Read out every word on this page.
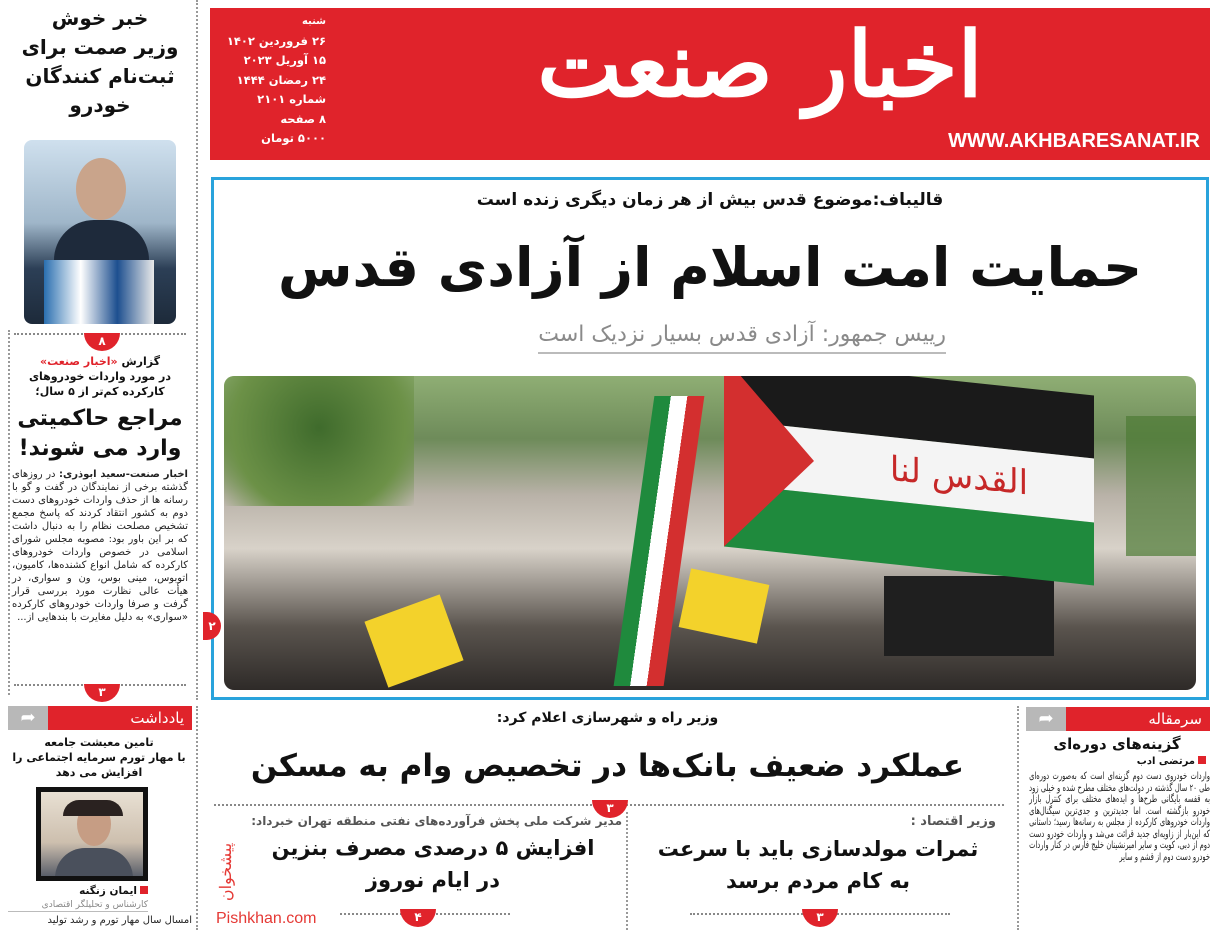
اخبار صنعت
WWW.AKHBARESANAT.IR
شنبه
۲۶ فروردین ۱۴۰۲
۱۵ آوریل ۲۰۲۳
۲۴ رمضان ۱۴۴۴
شماره ۲۱۰۱
۸ صفحه
۵۰۰۰ تومان
خبر خوش
وزیر صمت برای
ثبت‌نام کنندگان
خودرو
۸
گزارش «اخبار صنعت»
در مورد واردات خودروهای کارکرده کم‌تر از ۵ سال؛
مراجع حاکمیتی وارد می شوند!
اخبار صنعت-سعید ابوذری: در روزهای گذشته برخی از نمایندگان در گفت و گو با رسانه ها از حذف واردات خودروهای دست دوم به کشور انتقاد کردند که پاسخ مجمع تشخیص مصلحت نظام را به دنبال داشت که بر این باور بود: مصوبه مجلس شورای اسلامی در خصوص واردات خودروهای کارکرده که شامل انواع کشنده‌ها، کامیون، اتوبوس، مینی بوس، ون و سواری، در هیأت عالی نظارت مورد بررسی قرار گرفت و صرفا واردات خودروهای کارکرده «سواری» به دلیل مغایرت با بندهایی از...
۳
قالیباف:موضوع قدس بیش از هر زمان دیگری زنده است
حمایت امت اسلام از آزادی قدس
رییس جمهور: آزادی قدس بسیار نزدیک است
القدس لنا
۲
وزیر راه و شهرسازی اعلام کرد:
عملکرد ضعیف بانک‌ها در تخصیص وام به مسکن
۳
وزیر اقتصاد :
ثمرات مولدسازی باید با سرعت
به کام مردم برسد
۳
مدیر شرکت ملی پخش فرآورده‌های نفتی منطقه تهران خبرداد:
افزایش ۵ درصدی مصرف بنزین
در ایام نوروز
۴
پیشخوان
Pishkhan.com
➦	یادداشت
تامین معیشت جامعه
با مهار تورم سرمایه اجتماعی را
افزایش می دهد
ایمان زنگنه
کارشناس و تحلیلگر اقتصادی
امسال سال مهار تورم و رشد تولید
➦	سرمقاله
گزینه‌های دوره‌ای
مرتضی ادب
واردات خودروی دست دوم گزینه‌ای است که به‌صورت دوره‌ای طی ۲۰ سال گذشته در دولت‌های مختلف مطرح شده و خیلی زود به قفسه بایگانی طرح‌ها و ایده‌های مختلف برای کنترل بازار خودرو بازگشته است. اما جدیدترین و جدی‌ترین سیگنال‌های واردات خودروهای کارکرده از مجلس به رسانه‌ها رسید؛ داستانی که این‌بار از زاویه‌ای جدید قرائت می‌شد و واردات خودرو دست دوم از دبی، کویت و سایر امیرنشینان خلیج فارس در کنار واردات خودرو دست دوم از قشم و سایر
